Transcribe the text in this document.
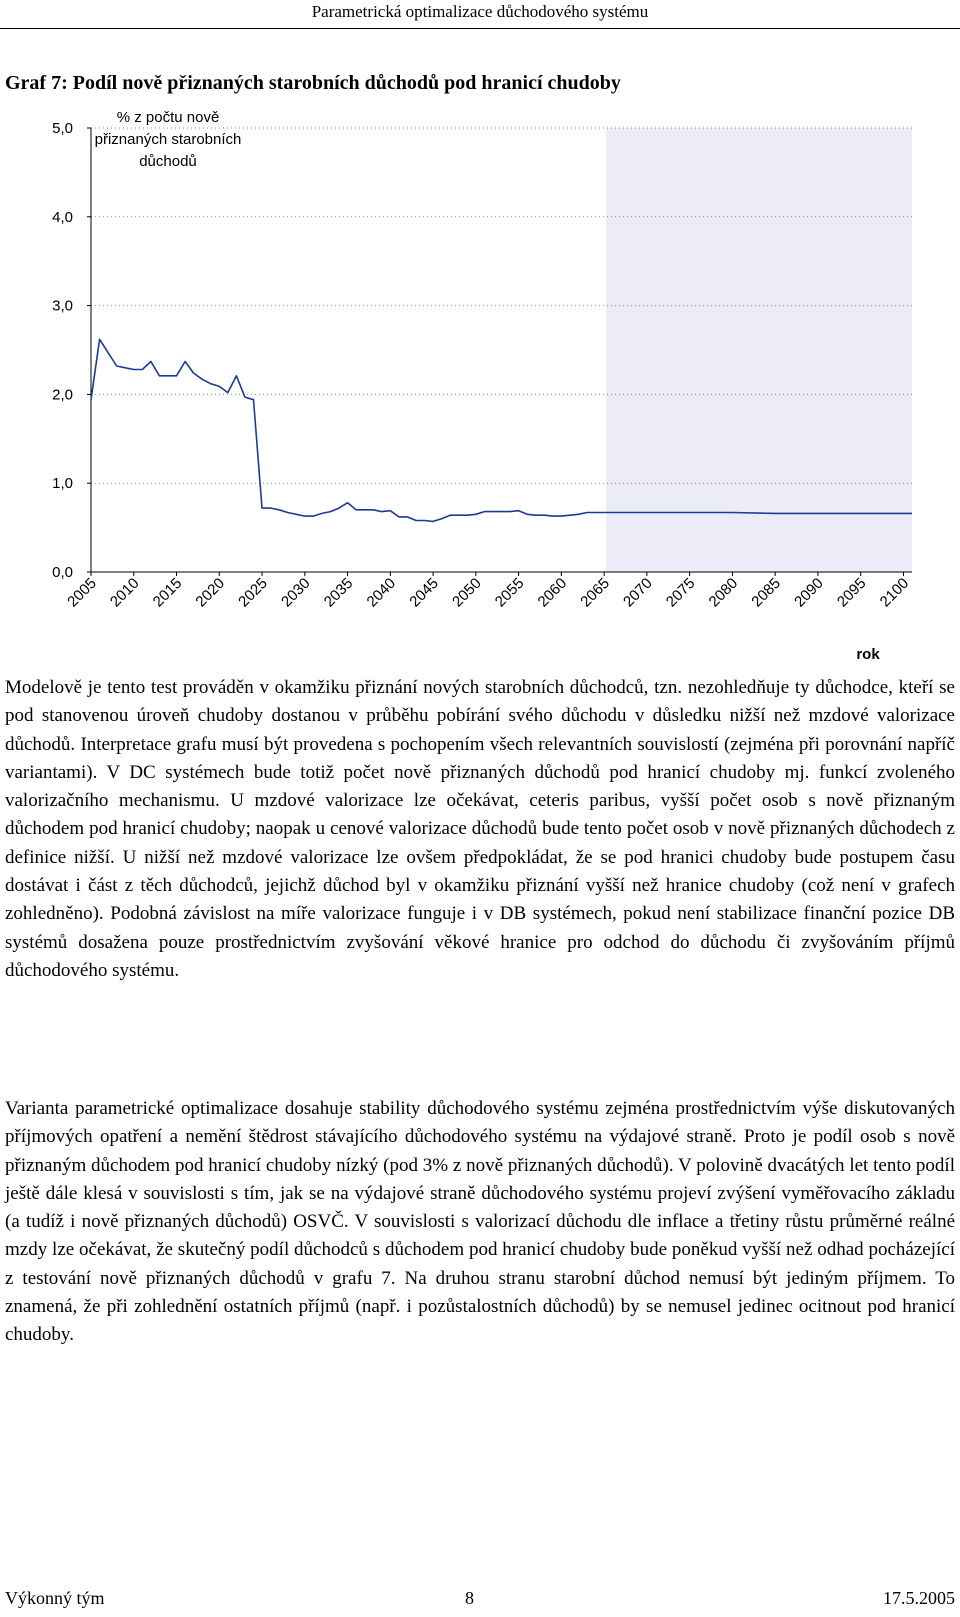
Parametrická optimalizace důchodového systému
Graf 7: Podíl nově přiznaných starobních důchodů pod hranicí chudoby
0,0
1,0
2,0
3,0
4,0
5,0
2005 2010 2015 2020 2025 2030 2035 2040 2045 2050 2055 2060 2065 2070 2075 2080 2085 2090 2095 2100
% z počtu nově
přiznaných starobních
důchodů
rok

Modelově je tento test prováděn v okamžiku přiznání nových starobních důchodců, tzn. nezohledňuje ty důchodce, kteří se pod stanovenou úroveň chudoby dostanou v průběhu pobírání svého důchodu v důsledku nižší než mzdové valorizace důchodů. Interpretace grafu musí být provedena s pochopením všech relevantních souvislostí (zejména při porovnání napříč variantami). V DC systémech bude totiž počet nově přiznaných důchodů pod hranicí chudoby mj. funkcí zvoleného valorizačního mechanismu. U mzdové valorizace lze očekávat, ceteris paribus, vyšší počet osob s nově přiznaným důchodem pod hranicí chudoby; naopak u cenové valorizace důchodů bude tento počet osob v nově přiznaných důchodech z definice nižší. U nižší než mzdové valorizace lze ovšem předpokládat, že se pod hranici chudoby bude postupem času dostávat i část z těch důchodců, jejichž důchod byl v okamžiku přiznání vyšší než hranice chudoby (což není v grafech zohledněno). Podobná závislost na míře valorizace funguje i v DB systémech, pokud není stabilizace finanční pozice DB systémů dosažena pouze prostřednictvím zvyšování věkové hranice pro odchod do důchodu či zvyšováním příjmů důchodového systému.

Varianta parametrické optimalizace dosahuje stability důchodového systému zejména prostřednictvím výše diskutovaných příjmových opatření a nemění štědrost stávajícího důchodového systému na výdajové straně. Proto je podíl osob s nově přiznaným důchodem pod hranicí chudoby nízký (pod 3% z nově přiznaných důchodů). V polovině dvacátých let tento podíl ještě dále klesá v souvislosti s tím, jak se na výdajové straně důchodového systému projeví zvýšení vyměřovacího základu (a tudíž i nově přiznaných důchodů) OSVČ. V souvislosti s valorizací důchodu dle inflace a třetiny růstu průměrné reálné mzdy lze očekávat, že skutečný podíl důchodců s důchodem pod hranicí chudoby bude poněkud vyšší než odhad pocházející z testování nově přiznaných důchodů v grafu 7. Na druhou stranu starobní důchod nemusí být jediným příjmem. To znamená, že při zohlednění ostatních příjmů (např. i pozůstalostních důchodů) by se nemusel jedinec ocitnout pod hranicí chudoby.

Výkonný tým	8	17.5.2005
